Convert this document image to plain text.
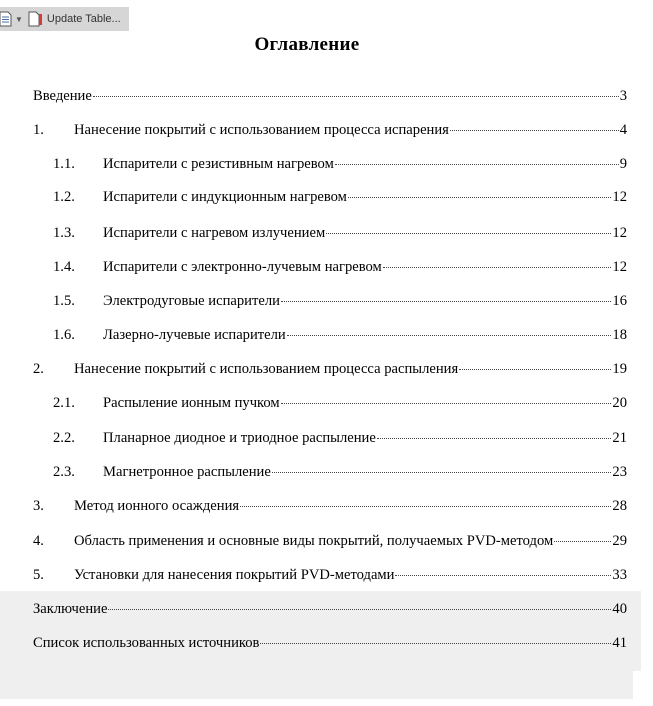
▼ Update Table...
Оглавление
Введение	3
1.	Нанесение покрытий с использованием процесса испарения	4
1.1.	Испарители с резистивным нагревом	9
1.2.	Испарители с индукционным нагревом	12
1.3.	Испарители с нагревом излучением	12
1.4.	Испарители с электронно-лучевым нагревом	12
1.5.	Электродуговые испарители	16
1.6.	Лазерно-лучевые испарители	18
2.	Нанесение покрытий с использованием процесса распыления	19
2.1.	Распыление ионным пучком	20
2.2.	Планарное диодное и триодное распыление	21
2.3.	Магнетронное распыление	23
3.	Метод ионного осаждения	28
4.	Область применения и основные виды покрытий, получаемых PVD-методом	29
5.	Установки для нанесения покрытий PVD-методами	33
Заключение	40
Список использованных источников	41
